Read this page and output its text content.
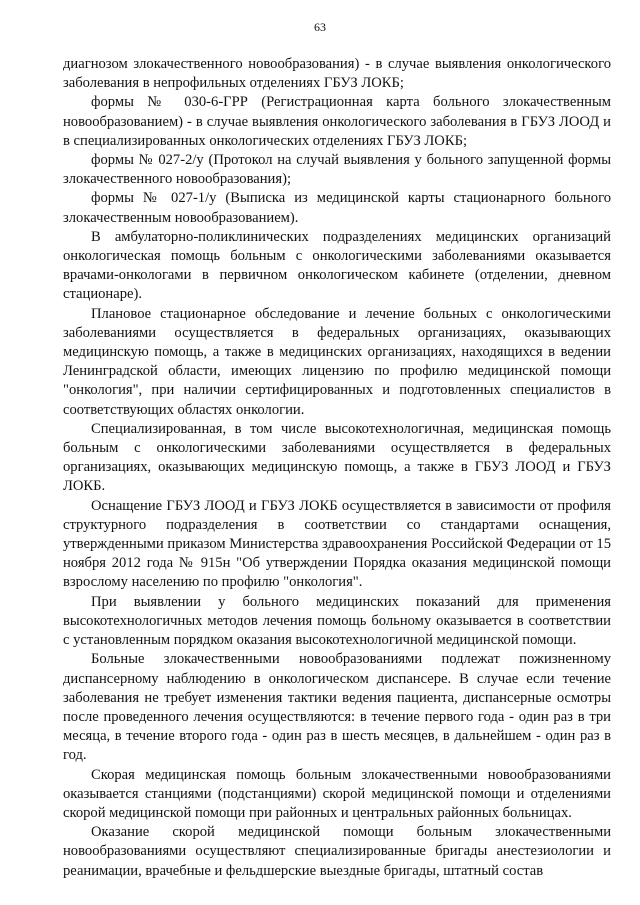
63

диагнозом злокачественного новообразования) - в случае выявления онкологического заболевания в непрофильных отделениях ГБУЗ ЛОКБ;

формы № 030-6-ГРР (Регистрационная карта больного злокачественным новообразованием) - в случае выявления онкологического заболевания в ГБУЗ ЛООД и в специализированных онкологических отделениях ГБУЗ ЛОКБ;

формы № 027-2/у (Протокол на случай выявления у больного запущенной формы злокачественного новообразования);

формы № 027-1/у (Выписка из медицинской карты стационарного больного злокачественным новообразованием).

В амбулаторно-поликлинических подразделениях медицинских организаций онкологическая помощь больным с онкологическими заболеваниями оказывается врачами-онкологами в первичном онкологическом кабинете (отделении, дневном стационаре).

Плановое стационарное обследование и лечение больных с онкологическими заболеваниями осуществляется в федеральных организациях, оказывающих медицинскую помощь, а также в медицинских организациях, находящихся в ведении Ленинградской области, имеющих лицензию по профилю медицинской помощи "онкология", при наличии сертифицированных и подготовленных специалистов в соответствующих областях онкологии.

Специализированная, в том числе высокотехнологичная, медицинская помощь больным с онкологическими заболеваниями осуществляется в федеральных организациях, оказывающих медицинскую помощь, а также в ГБУЗ ЛООД и ГБУЗ ЛОКБ.

Оснащение ГБУЗ ЛООД и ГБУЗ ЛОКБ осуществляется в зависимости от профиля структурного подразделения в соответствии со стандартами оснащения, утвержденными приказом Министерства здравоохранения Российской Федерации от 15 ноября 2012 года № 915н "Об утверждении Порядка оказания медицинской помощи взрослому населению по профилю "онкология".

При выявлении у больного медицинских показаний для применения высокотехнологичных методов лечения помощь больному оказывается в соответствии с установленным порядком оказания высокотехнологичной медицинской помощи.

Больные злокачественными новообразованиями подлежат пожизненному диспансерному наблюдению в онкологическом диспансере. В случае если течение заболевания не требует изменения тактики ведения пациента, диспансерные осмотры после проведенного лечения осуществляются: в течение первого года - один раз в три месяца, в течение второго года - один раз в шесть месяцев, в дальнейшем - один раз в год.

Скорая медицинская помощь больным злокачественными новообразованиями оказывается станциями (подстанциями) скорой медицинской помощи и отделениями скорой медицинской помощи при районных и центральных районных больницах.

Оказание скорой медицинской помощи больным злокачественными новообразованиями осуществляют специализированные бригады анестезиологии и реанимации, врачебные и фельдшерские выездные бригады, штатный состав
